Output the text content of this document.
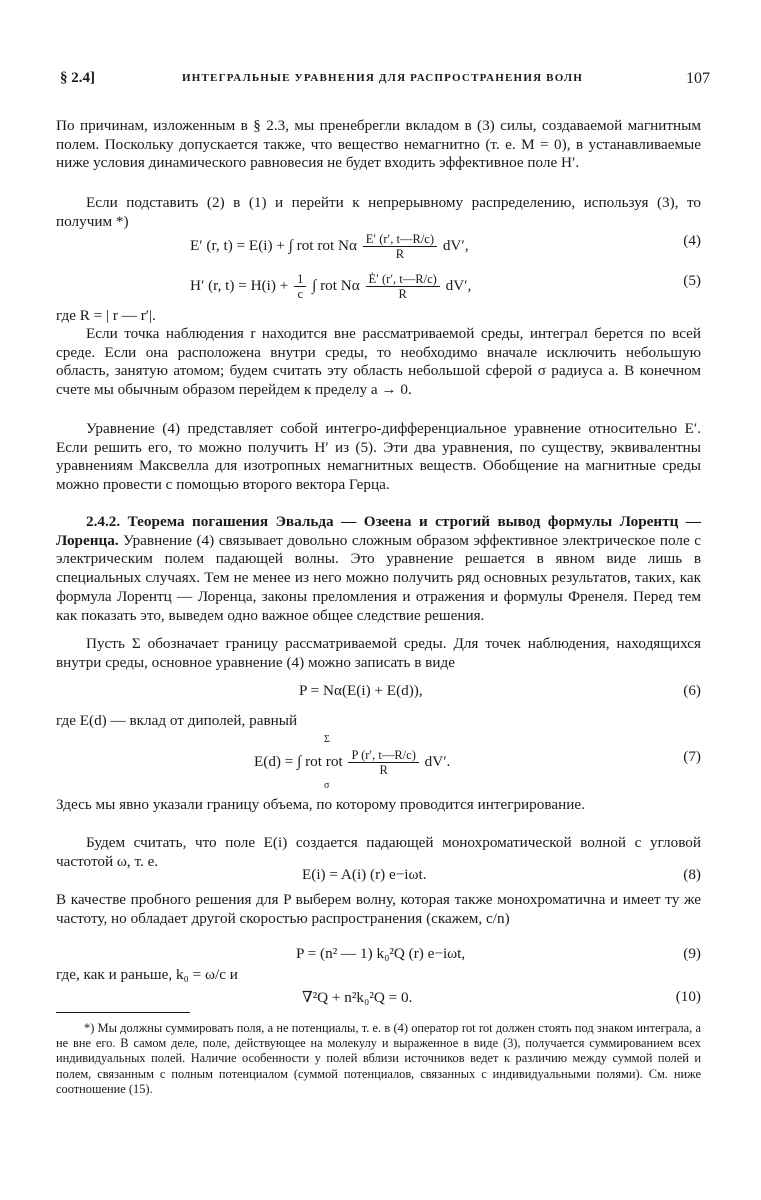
§ 2.4]	ИНТЕГРАЛЬНЫЕ УРАВНЕНИЯ ДЛЯ РАСПРОСТРАНЕНИЯ ВОЛН	107

По причинам, изложенным в § 2.3, мы пренебрегли вкладом в (3) силы, создаваемой магнитным полем. Поскольку допускается также, что вещество немагнитно (т. е. M = 0), в устанавливаемые ниже условия динамического равновесия не будет входить эффективное поле H′.

Если подставить (2) в (1) и перейти к непрерывному распределению, используя (3), то получим *)

E′ (r, t) = E(i) + ∫ rot rot Nα $\frac{E' (r', t—R/c)}{R} dV'$,	(4)
H′ (r, $t) = H(i) + \frac{1}{c}$ ∫ rot Nα $\frac{Ė' (r', t—R/c)}{R} dV'$,	(5)

где R = | r — r′|.

Если точка наблюдения r находится вне рассматриваемой среды, интеграл берется по всей среде. Если она расположена внутри среды, то необходимо вначале исключить небольшую область, занятую атомом; будем считать эту область небольшой сферой σ радиуса a. В конечном счете мы обычным образом перейдем к пределу a → 0.

Уравнение (4) представляет собой интегро-дифференциальное уравнение относительно E′. Если решить его, то можно получить H′ из (5). Эти два уравнения, по существу, эквивалентны уравнениям Максвелла для изотропных немагнитных веществ. Обобщение на магнитные среды можно провести с помощью второго вектора Герца.

2.4.2. Теорема погашения Эвальда — Озеена и строгий вывод формулы Лорентц — Лоренца. Уравнение (4) связывает довольно сложным образом эффективное электрическое поле с электрическим полем падающей волны. Это уравнение решается в явном виде лишь в специальных случаях. Тем не менее из него можно получить ряд основных результатов, таких, как формула Лорентц — Лоренца, законы преломления и отражения и формулы Френеля. Перед тем как показать это, выведем одно важное общее следствие решения.

Пусть Σ обозначает границу рассматриваемой среды. Для точек наблюдения, находящихся внутри среды, основное уравнение (4) можно записать в виде

P = Nα(E(i) + E(d)),	(6)

где E(d) — вклад от диполей, равный

E(d) = ∫ rot rot $\frac{P (r', t—R/c)}{R} dV'$.
Σ
σ
(7)

Здесь мы явно указали границу объема, по которому проводится интегрирование.

Будем считать, что поле E(i) создается падающей монохроматической волной с угловой частотой ω, т. е.

E(i) = A(i) (r) e−iωt.	(8)

В качестве пробного решения для P выберем волну, которая также монохроматична и имеет ту же частоту, но обладает другой скоростью распространения (скажем, c/n)

P = (n² — 1) k₀²Q (r) e−iωt,	(9)

где, как и раньше, k₀ = ω/c и

∇²Q + n²k₀²Q = 0.	(10)

*) Мы должны суммировать поля, а не потенциалы, т. е. в (4) оператор rot rot должен стоять под знаком интеграла, а не вне его. В самом деле, поле, действующее на молекулу и выраженное в виде (3), получается суммированием всех индивидуальных полей. Наличие особенности у полей вблизи источников ведет к различию между суммой полей и полем, связанным с полным потенциалом (суммой потенциалов, связанных с индивидуальными полями). См. ниже соотношение (15).
